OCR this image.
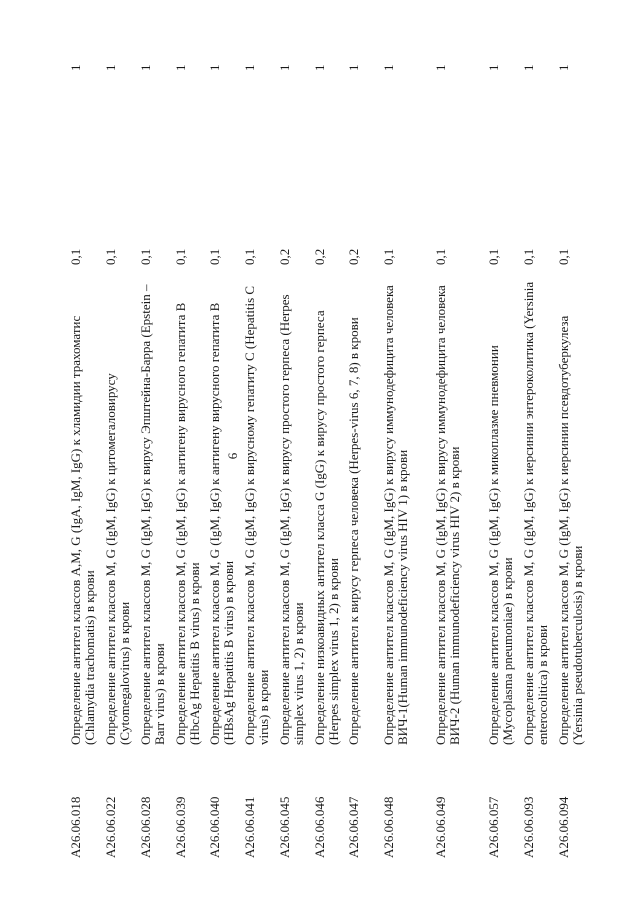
6
A26.06.018
Определение антител классов A,M, G (IgA, IgM, IgG) к хламидии трахоматис (Chlamydia trachomatis) в крови
0,1
1
A26.06.022
Определение антител классов M, G (IgM, IgG) к цитомегаловирусу (Cytomegalovirus) в крови
0,1
1
A26.06.028
Определение антител классов M, G (IgM, IgG) к вирусу Эпштейна-Барра (Epstein – Barr virus) в крови
0,1
1
A26.06.039
Определение антител классов M, G (IgM, IgG) к антигену вирусного гепатита B (HbcAg Hepatitis B virus) в крови
0,1
1
A26.06.040
Определение антител классов M, G (IgM, IgG) к антигену вирусного гепатита B (HBsAg Hepatitis B virus) в крови
0,1
1
A26.06.041
Определение антител классов M, G (IgM, IgG) к вирусному гепатиту C (Hepatitis C virus) в крови
0,1
1
A26.06.045
Определение антител классов M, G (IgM, IgG) к вирусу простого герпеса (Herpes simplex virus 1, 2) в крови
0,2
1
A26.06.046
Определение низкоавидных антител класса G (IgG) к вирусу простого герпеса (Herpes simplex virus 1, 2) в крови
0,2
1
A26.06.047
Определение антител к вирусу герпеса человека (Herpes-virus 6, 7, 8) в крови
0,2
1
A26.06.048
Определение антител классов M, G (IgM, IgG) к вирусу иммунодефицита человека ВИЧ-1(Human immunodeficiency virus HIV 1) в крови
0,1
1
A26.06.049
Определение антител классов M, G (IgM, IgG) к вирусу иммунодефицита человека ВИЧ-2 (Human immunodeficiency virus HIV 2) в крови
0,1
1
A26.06.057
Определение антител классов M, G (IgM, IgG) к микоплазме пневмонии (Mycoplasma pneumoniae) в крови
0,1
1
A26.06.093
Определение антител классов M, G (IgM, IgG) к иерсинии энтероколитика (Yersinia enterocolitica) в крови
0,1
1
A26.06.094
Определение антител классов M, G (IgM, IgG) к иерсинии псевдотуберкулеза (Yersinia pseudotuberculosis) в крови
0,1
1
